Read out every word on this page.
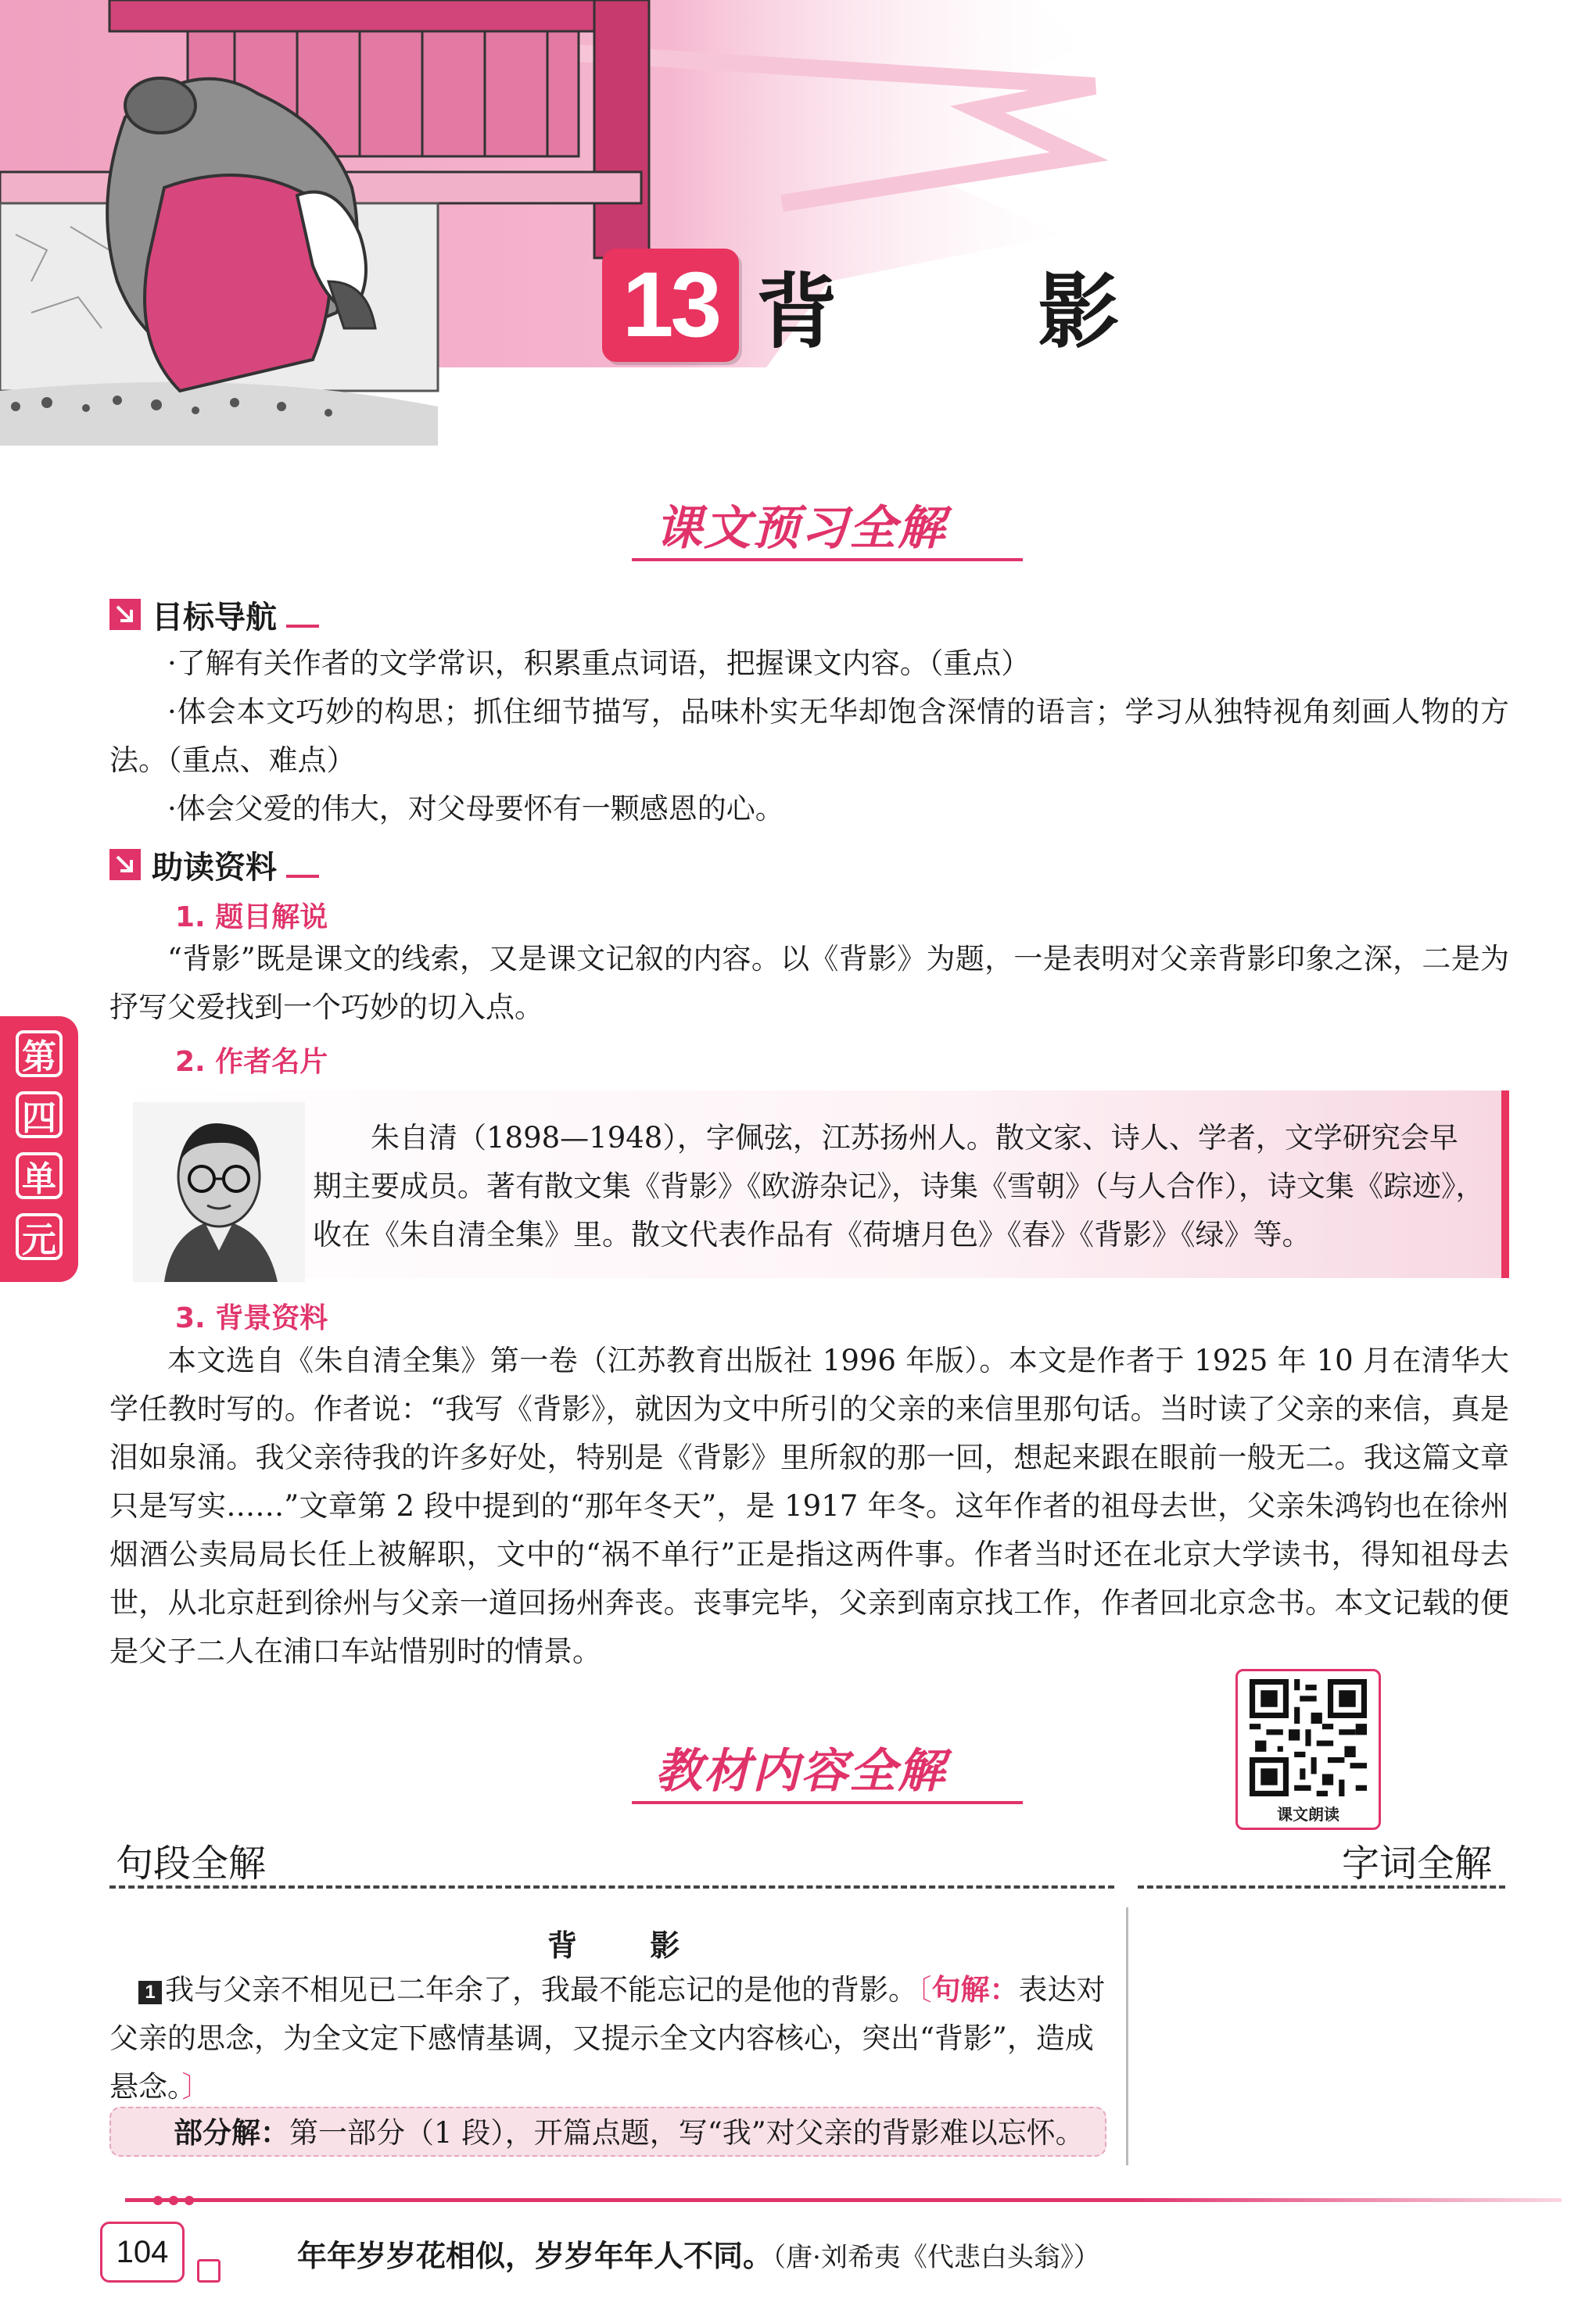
13 背 影
课文预习全解
目标导航

·了解有关作者的文学常识，积累重点词语，把握课文内容。（重点）

·体会本文巧妙的构思；抓住细节描写，品味朴实无华却饱含深情的语言；学习从独特视角刻画人物的方法。（重点、难点）

·体会父爱的伟大，对父母要怀有一颗感恩的心。

助读资料
1. 题目解说

“背影”既是课文的线索，又是课文记叙的内容。以《背影》为题，一是表明对父亲背影印象之深，二是为抒写父爱找到一个巧妙的切入点。

2. 作者名片

朱自清（1898—1948），字佩弦，江苏扬州人。散文家、诗人、学者，文学研究会早期主要成员。著有散文集《背影》《欧游杂记》，诗集《雪朝》（与人合作），诗文集《踪迹》，收在《朱自清全集》里。散文代表作品有《荷塘月色》《春》《背影》《绿》等。

3. 背景资料

本文选自《朱自清全集》第一卷（江苏教育出版社 1996 年版）。本文是作者于 1925 年 10 月在清华大学任教时写的。作者说：“我写《背影》，就因为文中所引的父亲的来信里那句话。当时读了父亲的来信，真是泪如泉涌。我父亲待我的许多好处，特别是《背影》里所叙的那一回，想起来跟在眼前一般无二。我这篇文章只是写实……”文章第 2 段中提到的“那年冬天”，是 1917 年冬。这年作者的祖母去世，父亲朱鸿钧也在徐州烟酒公卖局局长任上被解职，文中的“祸不单行”正是指这两件事。作者当时还在北京大学读书，得知祖母去世，从北京赶到徐州与父亲一道回扬州奔丧。丧事完毕，父亲到南京找工作，作者回北京念书。本文记载的便是父子二人在浦口车站惜别时的情景。

第
四
单
元
教材内容全解
课文朗读
句段全解	字词全解
背 影

1 我与父亲不相见已二年余了，我最不能忘记的是他的背影。〔句解：表达对父亲的思念，为全文定下感情基调，又提示全文内容核心，突出“背影”，造成悬念。〕

部分解：第一部分（1 段），开篇点题，写“我”对父亲的背影难以忘怀。
104	年年岁岁花相似，岁岁年年人不同。（唐·刘希夷《代悲白头翁》）
